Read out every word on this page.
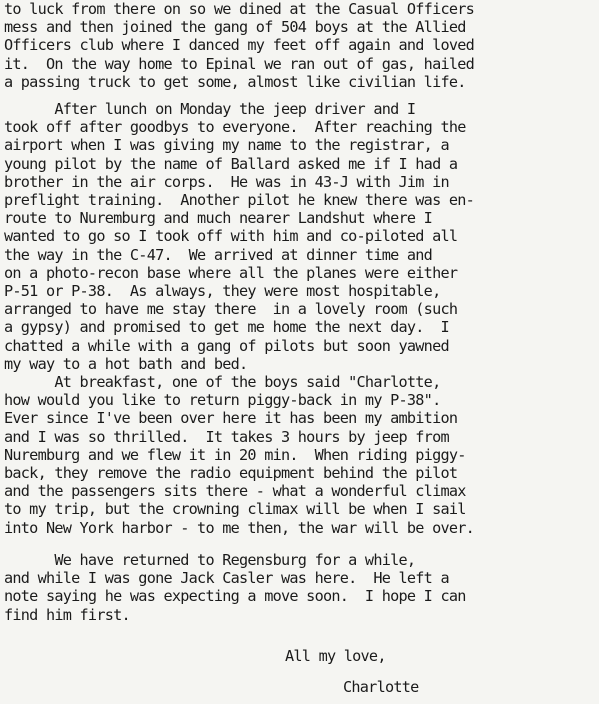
to luck from there on so we dined at the Casual Officers
mess and then joined the gang of 504 boys at the Allied
Officers club where I danced my feet off again and loved
it.  On the way home to Epinal we ran out of gas, hailed
a passing truck to get some, almost like civilian life.
After lunch on Monday the jeep driver and I
took off after goodbys to everyone.  After reaching the
airport when I was giving my name to the registrar, a
young pilot by the name of Ballard asked me if I had a
brother in the air corps.  He was in 43-J with Jim in
preflight training.  Another pilot he knew there was en-
route to Nuremburg and much nearer Landshut where I
wanted to go so I took off with him and co-piloted all
the way in the C-47.  We arrived at dinner time and
on a photo-recon base where all the planes were either
P-51 or P-38.  As always, they were most hospitable,
arranged to have me stay there  in a lovely room (such
a gypsy) and promised to get me home the next day.  I
chatted a while with a gang of pilots but soon yawned
my way to a hot bath and bed.
At breakfast, one of the boys said "Charlotte,
how would you like to return piggy-back in my P-38".
Ever since I've been over here it has been my ambition
and I was so thrilled.  It takes 3 hours by jeep from
Nuremburg and we flew it in 20 min.  When riding piggy-
back, they remove the radio equipment behind the pilot
and the passengers sits there - what a wonderful climax
to my trip, but the crowning climax will be when I sail
into New York harbor - to me then, the war will be over.
We have returned to Regensburg for a while,
and while I was gone Jack Casler was here.  He left a
note saying he was expecting a move soon.  I hope I can
find him first.
All my love,
Charlotte
